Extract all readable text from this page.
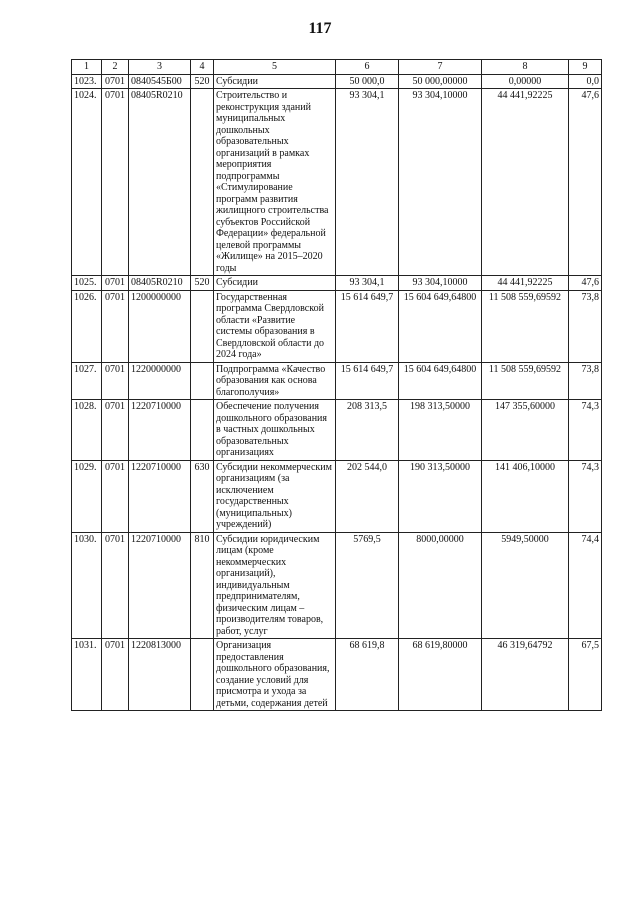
117
1	2	3	4	5	6	7	8	9
1023.	0701	0840545Б00	520	Субсидии	50 000,0	50 000,00000	0,00000	0,0
1024.	0701	08405R0210		Строительство и реконструкция зданий муниципальных дошкольных образовательных организаций в рамках мероприятия подпрограммы «Стимулирование программ развития жилищного строительства субъектов Российской Федерации» федеральной целевой программы «Жилище» на 2015–2020 годы	93 304,1	93 304,10000	44 441,92225	47,6
1025.	0701	08405R0210	520	Субсидии	93 304,1	93 304,10000	44 441,92225	47,6
1026.	0701	1200000000		Государственная программа Свердловской области «Развитие системы образования в Свердловской области до 2024 года»	15 614 649,7	15 604 649,64800	11 508 559,69592	73,8
1027.	0701	1220000000		Подпрограмма «Качество образования как основа благополучия»	15 614 649,7	15 604 649,64800	11 508 559,69592	73,8
1028.	0701	1220710000		Обеспечение получения дошкольного образования в частных дошкольных образовательных организациях	208 313,5	198 313,50000	147 355,60000	74,3
1029.	0701	1220710000	630	Субсидии некоммерческим организациям (за исключением государственных (муниципальных) учреждений)	202 544,0	190 313,50000	141 406,10000	74,3
1030.	0701	1220710000	810	Субсидии юридическим лицам (кроме некоммерческих организаций), индивидуальным предпринимателям, физическим лицам – производителям товаров, работ, услуг	5769,5	8000,00000	5949,50000	74,4
1031.	0701	1220813000		Организация предоставления дошкольного образования, создание условий для присмотра и ухода за детьми, содержания детей	68 619,8	68 619,80000	46 319,64792	67,5
